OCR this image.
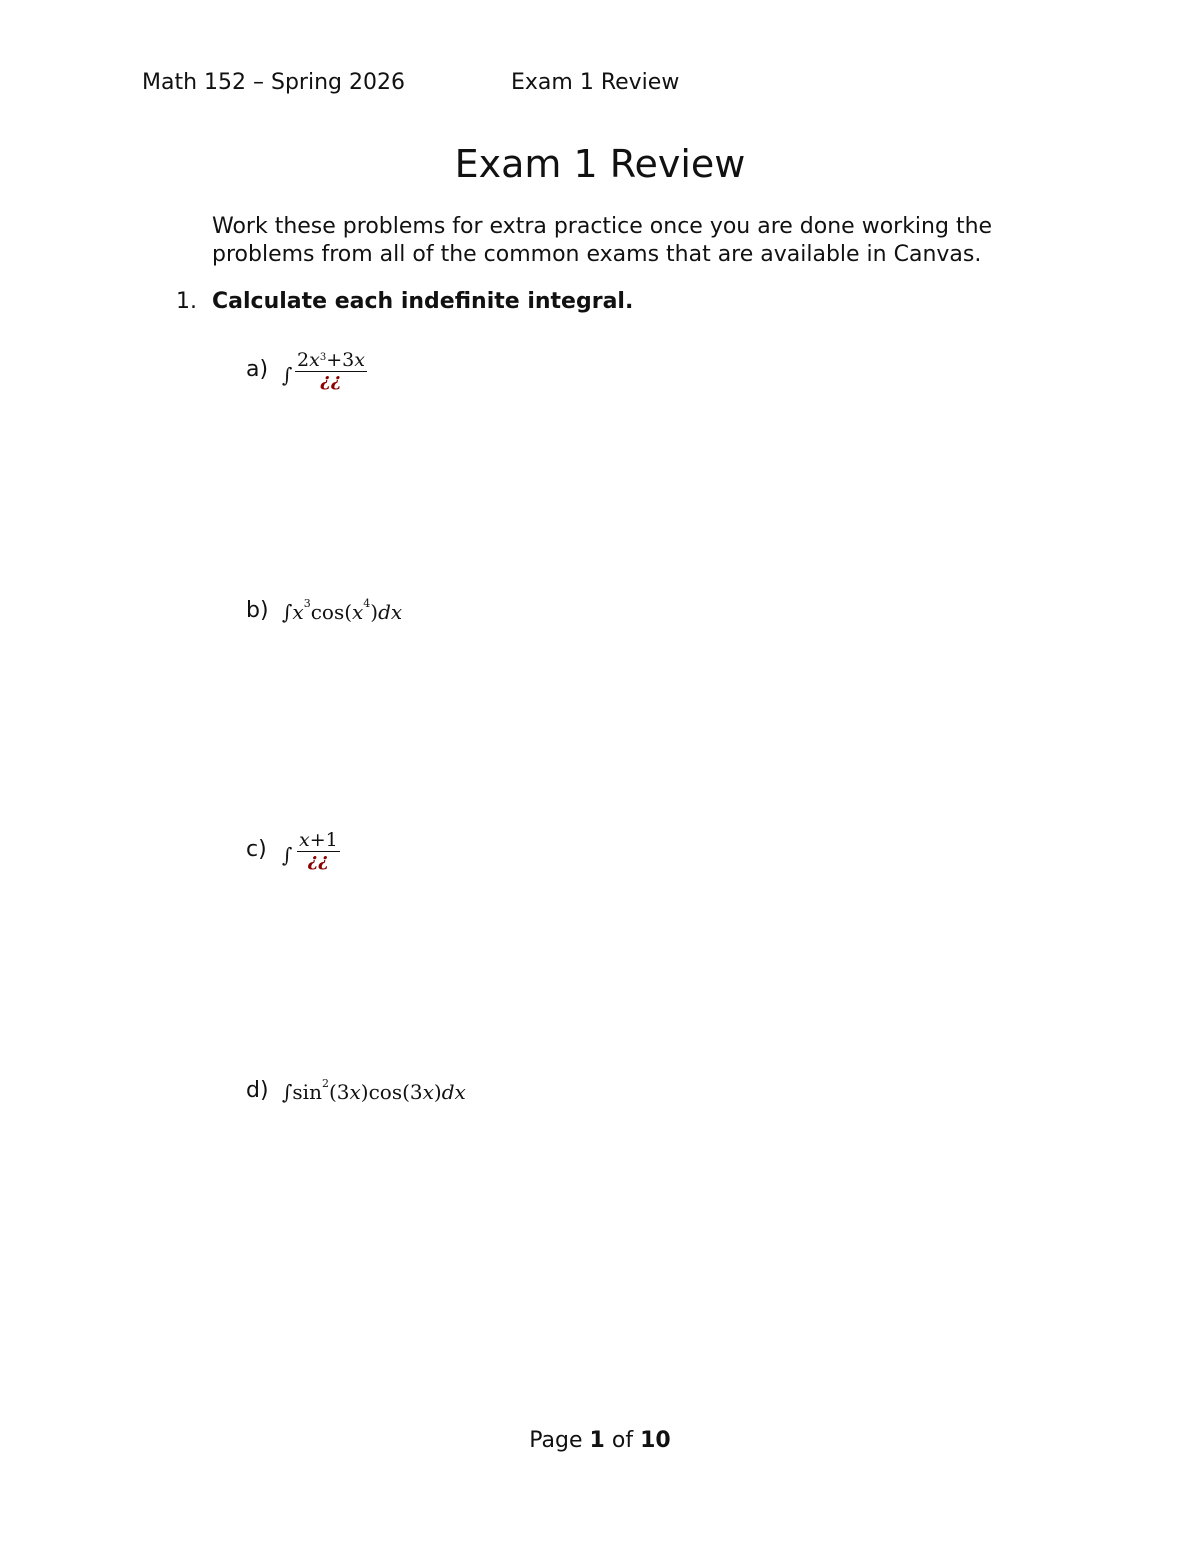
Math 152 – Spring 2026	Exam 1 Review
Exam 1 Review
Work these problems for extra practice once you are done working the
problems from all of the common exams that are available in Canvas.
1. Calculate each indefinite integral.
a) ∫
$2x^3+3x$
¿¿
b) $\int x^3\cos(x^4)dx$
c) ∫
x+1
¿¿
d) $\int\sin^2(3x)\cos(3x)dx$
Page 1 of 10
